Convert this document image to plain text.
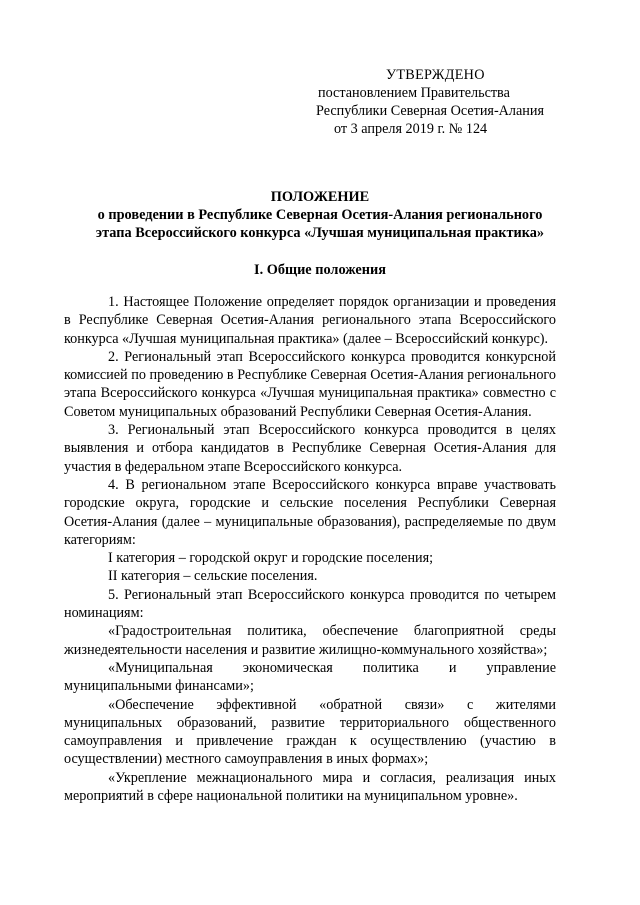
УТВЕРЖДЕНО
постановлением Правительства
Республики Северная Осетия-Алания
от 3 апреля 2019 г. № 124
ПОЛОЖЕНИЕ
о проведении в Республике Северная Осетия-Алания регионального
этапа Всероссийского конкурса «Лучшая муниципальная практика»
I. Общие положения

1. Настоящее Положение определяет порядок организации и проведения в Республике Северная Осетия-Алания регионального этапа Всероссийского конкурса «Лучшая муниципальная практика» (далее – Всероссийский конкурс).

2. Региональный этап Всероссийского конкурса проводится конкурсной комиссией по проведению в Республике Северная Осетия-Алания регионального этапа Всероссийского конкурса «Лучшая муниципальная практика» совместно с Советом муниципальных образований Республики Северная Осетия-Алания.

3. Региональный этап Всероссийского конкурса проводится в целях выявления и отбора кандидатов в Республике Северная Осетия-Алания для участия в федеральном этапе Всероссийского конкурса.

4. В региональном этапе Всероссийского конкурса вправе участвовать городские округа, городские и сельские поселения Республики Северная Осетия-Алания (далее – муниципальные образования), распределяемые по двум категориям:

I категория – городской округ и городские поселения;

II категория – сельские поселения.

5. Региональный этап Всероссийского конкурса проводится по четырем номинациям:

«Градостроительная политика, обеспечение благоприятной среды жизнедеятельности населения и развитие жилищно-коммунального хозяйства»;

«Муниципальная экономическая политика и управление муниципальными финансами»;

«Обеспечение эффективной «обратной связи» с жителями муниципальных образований, развитие территориального общественного самоуправления и привлечение граждан к осуществлению (участию в осуществлении) местного самоуправления в иных формах»;

«Укрепление межнационального мира и согласия, реализация иных мероприятий в сфере национальной политики на муниципальном уровне».
